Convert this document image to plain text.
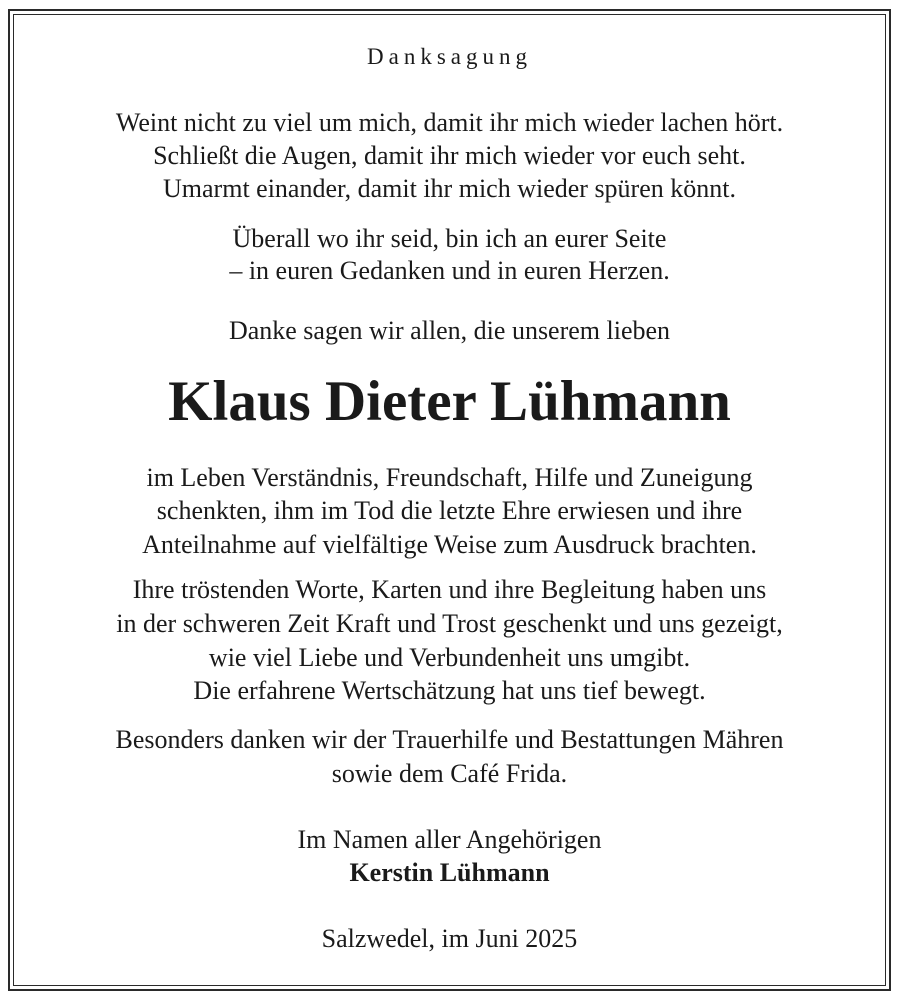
Danksagung
Weint nicht zu viel um mich, damit ihr mich wieder lachen hört.
Schließt die Augen, damit ihr mich wieder vor euch seht.
Umarmt einander, damit ihr mich wieder spüren könnt.
Überall wo ihr seid, bin ich an eurer Seite
– in euren Gedanken und in euren Herzen.
Danke sagen wir allen, die unserem lieben
Klaus Dieter Lühmann
im Leben Verständnis, Freundschaft, Hilfe und Zuneigung
schenkten, ihm im Tod die letzte Ehre erwiesen und ihre
Anteilnahme auf vielfältige Weise zum Ausdruck brachten.
Ihre tröstenden Worte, Karten und ihre Begleitung haben uns
in der schweren Zeit Kraft und Trost geschenkt und uns gezeigt,
wie viel Liebe und Verbundenheit uns umgibt.
Die erfahrene Wertschätzung hat uns tief bewegt.
Besonders danken wir der Trauerhilfe und Bestattungen Mähren
sowie dem Café Frida.
Im Namen aller Angehörigen
Kerstin Lühmann
Salzwedel, im Juni 2025
